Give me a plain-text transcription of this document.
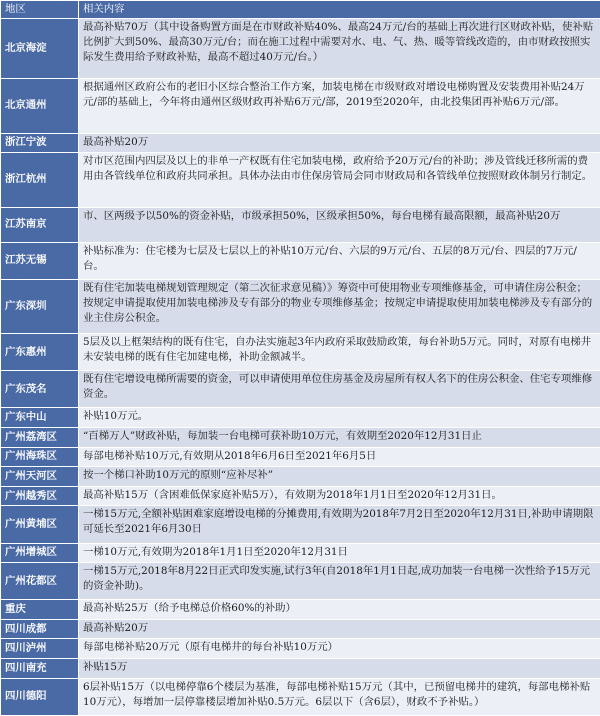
地区	相关内容
北京海淀	最高补贴70万（其中设备购置方面是在市财政补贴40%、最高24万元/台的基础上再次进行区财政补贴，使补贴比例扩大到50%、最高30万元/台；而在施工过程中需要对水、电、气、热、暖等管线改造的，由市财政按照实际发生费用给予财政补贴，最高不超过40万元/台。）
北京通州	根据通州区政府公布的老旧小区综合整治工作方案，加装电梯在市级财政对增设电梯购置及安装费用补贴24万元/部的基础上，今年将由通州区级财政再补贴6万元/部，2019至2020年，由北投集团再补贴6万元/部。
浙江宁波	最高补贴20万
浙江杭州	对市区范围内四层及以上的非单一产权既有住宅加装电梯，政府给予20万元/台的补助；涉及管线迁移所需的费用由各管线单位和政府共同承担。具体办法由市住保房管局会同市财政局和各管线单位按照财政体制另行制定。
江苏南京	市、区两级予以50%的资金补贴，市级承担50%，区级承担50%，每台电梯有最高限额，最高补贴20万
江苏无锡	补贴标准为：住宅楼为七层及七层以上的补贴10万元/台、六层的9万元/台、五层的8万元/台、四层的7万元/台。
广东深圳	既有住宅加装电梯规划管理规定（第二次征求意见稿）》筹资中可使用物业专项维修基金，可申请住房公积金；按规定申请提取使用加装电梯涉及专有部分的物业专项维修基金；按规定申请提取使用加装电梯涉及专有部分的业主住房公积金。
广东惠州	5层及以上框架结构的既有住宅，自办法实施起3年内政府采取鼓励政策，每台补助5万元。同时，对原有电梯井未安装电梯的既有住宅加建电梯，补助金额减半。
广东茂名	既有住宅增设电梯所需要的资金，可以申请使用单位住房基金及房屋所有权人名下的住房公积金、住宅专项维修资金。
广东中山	补贴10万元。
广州荔湾区	“百梯万人”财政补贴，每加装一台电梯可获补助10万元，有效期至2020年12月31日止
广州海珠区	每部电梯补贴10万元,有效期从2018年6月6日至2021年6月5日
广州天河区	按一个梯口补助10万元的原则“应补尽补”
广州越秀区	最高补贴15万（含困难低保家庭补贴5万），有效期为2018年1月1日至2020年12月31日。
广州黄埔区	一梯15万元,全额补贴困难家庭增设电梯的分摊费用,有效期为2018年7月2日至2020年12月31日,补助申请期限可延长至2021年6月30日
广州增城区	一梯10万元,有效期为2018年1月1日至2020年12月31日
广州花都区	一梯15万元,2018年8月22日正式印发实施,试行3年(自2018年1月1日起,成功加装一台电梯一次性给予15万元的资金补助)。
重庆	最高补贴25万（给予电梯总价格60%的补助）
四川成都	最高补贴20万
四川泸州	每部电梯补贴20万元（原有电梯井的每台补贴10万元）
四川南充	补贴15万
四川德阳	6层补贴15万（以电梯停靠6个楼层为基准，每部电梯补贴15万元（其中，已预留电梯井的建筑，每部电梯补贴10万元），每增加一层停靠楼层增加补贴0.5万元。6层以下（含6层），财政不予补贴。）
